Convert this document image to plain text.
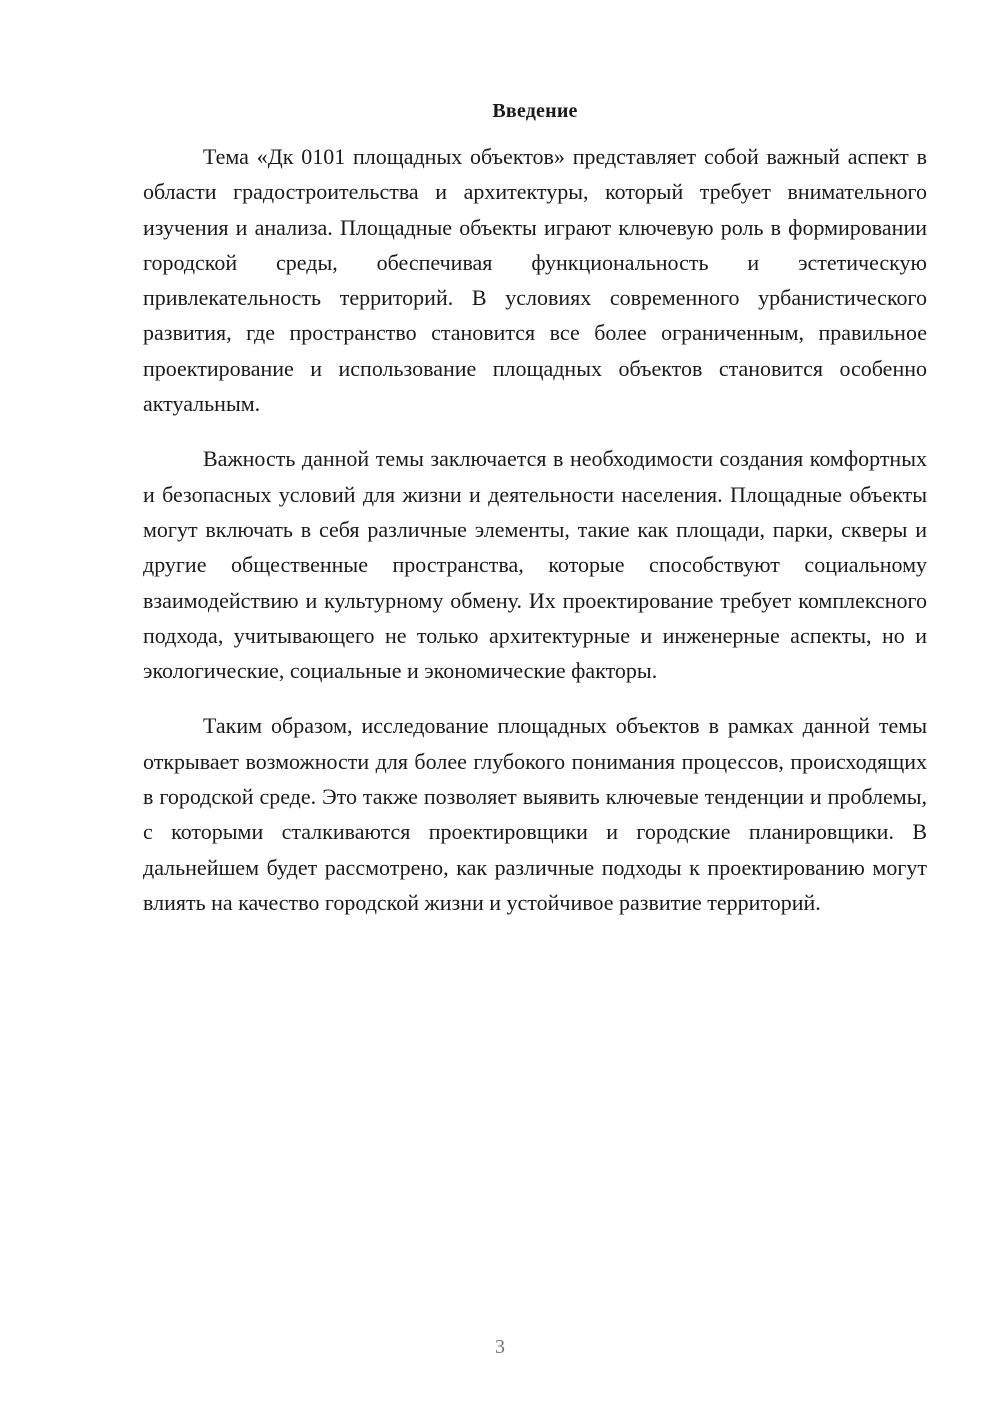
Введение

Тема «Дк 0101 площадных объектов» представляет собой важный аспект в области градостроительства и архитектуры, который требует внимательного изучения и анализа. Площадные объекты играют ключевую роль в формировании городской среды, обеспечивая функциональность и эстетическую привлекательность территорий. В условиях современного урбанистического развития, где пространство становится все более ограниченным, правильное проектирование и использование площадных объектов становится особенно актуальным.

Важность данной темы заключается в необходимости создания комфортных и безопасных условий для жизни и деятельности населения. Площадные объекты могут включать в себя различные элементы, такие как площади, парки, скверы и другие общественные пространства, которые способствуют социальному взаимодействию и культурному обмену. Их проектирование требует комплексного подхода, учитывающего не только архитектурные и инженерные аспекты, но и экологические, социальные и экономические факторы.

Таким образом, исследование площадных объектов в рамках данной темы открывает возможности для более глубокого понимания процессов, происходящих в городской среде. Это также позволяет выявить ключевые тенденции и проблемы, с которыми сталкиваются проектировщики и городские планировщики. В дальнейшем будет рассмотрено, как различные подходы к проектированию могут влиять на качество городской жизни и устойчивое развитие территорий.

3
